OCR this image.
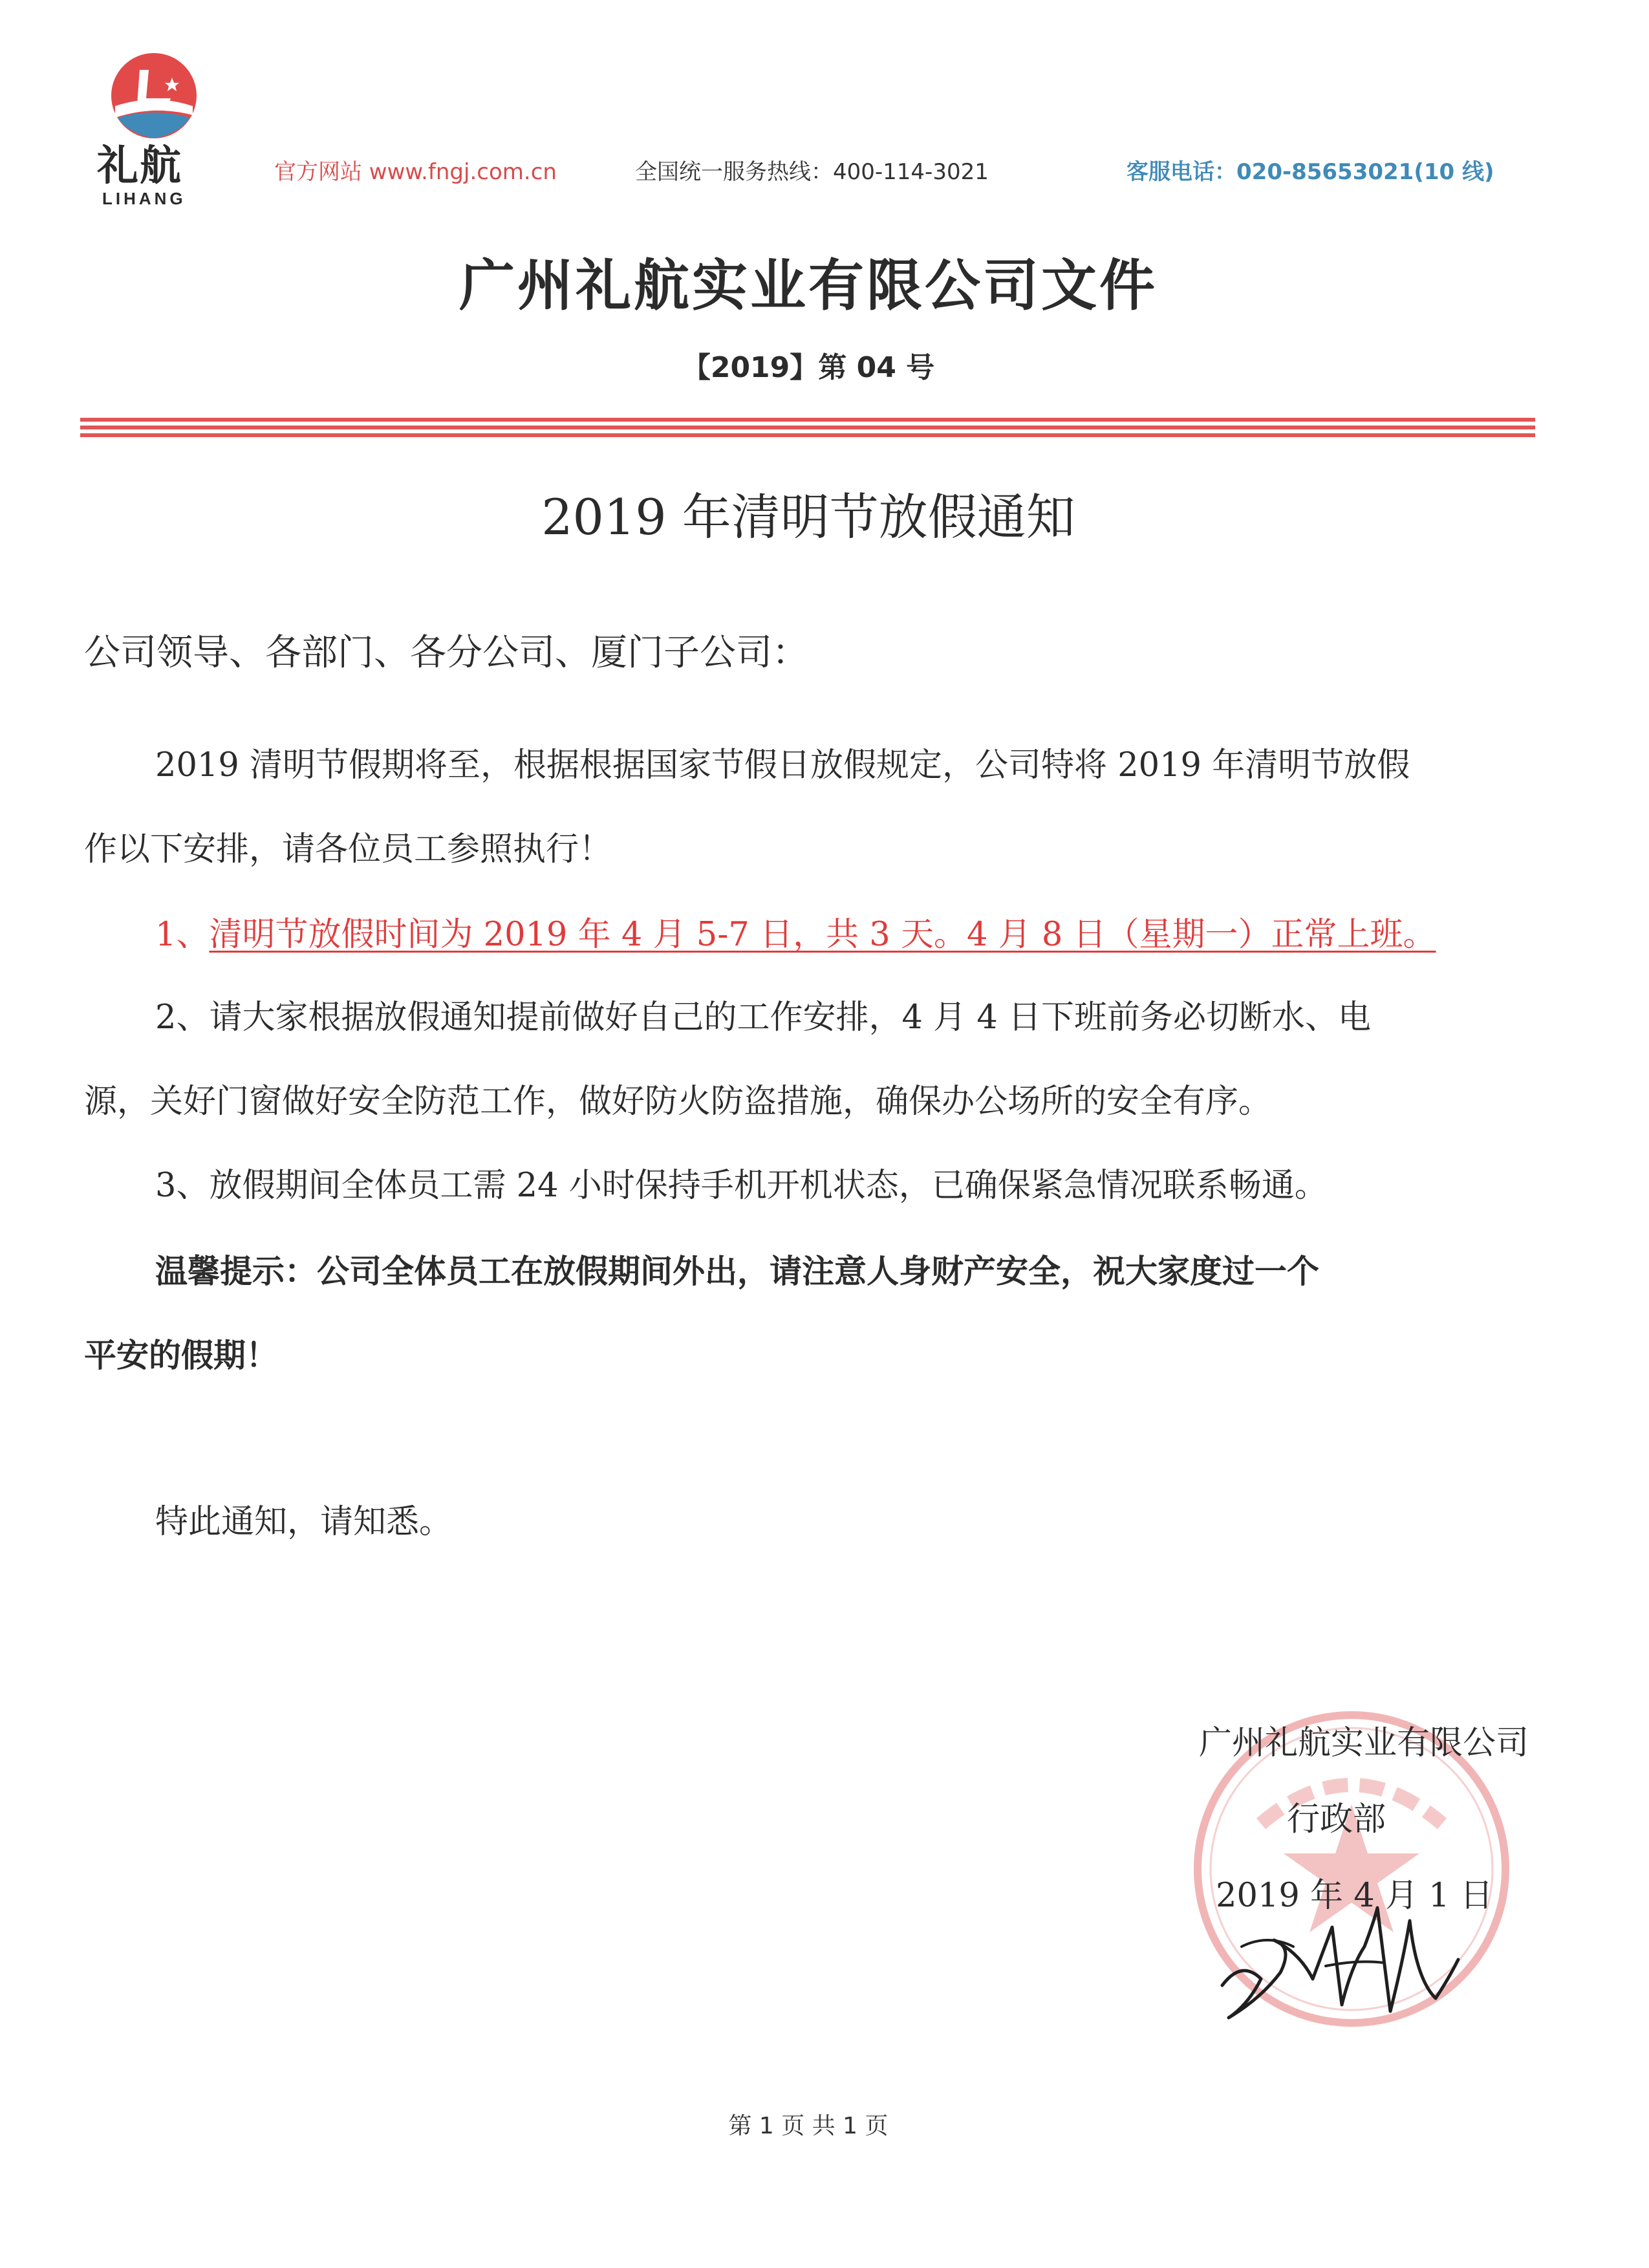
礼航
LIHANG
官方网站 www.fngj.com.cn	全国统一服务热线：400-114-3021	客服电话：020-85653021(10 线)
广州礼航实业有限公司文件
【2019】第 04 号
2019 年清明节放假通知
公司领导、各部门、各分公司、厦门子公司：
2019 清明节假期将至，根据根据国家节假日放假规定，公司特将 2019 年清明节放假
作以下安排，请各位员工参照执行！
1、清明节放假时间为 2019 年 4 月 5-7 日，共 3 天。4 月 8 日（星期一）正常上班。
2、请大家根据放假通知提前做好自己的工作安排，4 月 4 日下班前务必切断水、电
源，关好门窗做好安全防范工作，做好防火防盗措施，确保办公场所的安全有序。
3、放假期间全体员工需 24 小时保持手机开机状态，已确保紧急情况联系畅通。
温馨提示：公司全体员工在放假期间外出，请注意人身财产安全，祝大家度过一个
平安的假期！
特此通知，请知悉。
广州礼航实业有限公司
行政部
2019 年 4 月 1 日
第 1 页 共 1 页
